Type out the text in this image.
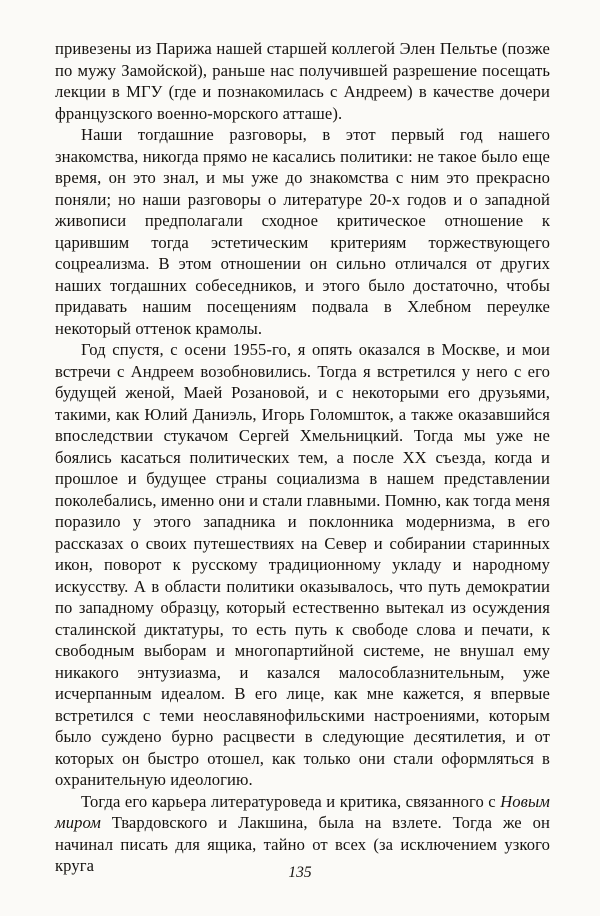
привезены из Парижа нашей старшей коллегой Элен Пельтье (позже по мужу Замойской), раньше нас получившей разрешение посещать лекции в МГУ (где и познакомилась с Андреем) в качестве дочери французского военно-морского атташе).

Наши тогдашние разговоры, в этот первый год нашего знакомства, никогда прямо не касались политики: не такое было еще время, он это знал, и мы уже до знакомства с ним это прекрасно поняли; но наши разговоры о литературе 20-х годов и о западной живописи предполагали сходное критическое отношение к царившим тогда эстетическим критериям торжествующего соцреализма. В этом отношении он сильно отличался от других наших тогдашних собеседников, и этого было достаточно, чтобы придавать нашим посещениям подвала в Хлебном переулке некоторый оттенок крамолы.

Год спустя, с осени 1955-го, я опять оказался в Москве, и мои встречи с Андреем возобновились. Тогда я встретился у него с его будущей женой, Маей Розановой, и с некоторыми его друзьями, такими, как Юлий Даниэль, Игорь Голомшток, а также оказавшийся впоследствии стукачом Сергей Хмельницкий. Тогда мы уже не боялись касаться политических тем, а после XX съезда, когда и прошлое и будущее страны социализма в нашем представлении поколебались, именно они и стали главными. Помню, как тогда меня поразило у этого западника и поклонника модернизма, в его рассказах о своих путешествиях на Север и собирании старинных икон, поворот к русскому традиционному укладу и народному искусству. А в области политики оказывалось, что путь демократии по западному образцу, который естественно вытекал из осуждения сталинской диктатуры, то есть путь к свободе слова и печати, к свободным выборам и многопартийной системе, не внушал ему никакого энтузиазма, и казался малособлазнительным, уже исчерпанным идеалом. В его лице, как мне кажется, я впервые встретился с теми неославянофильскими настроениями, которым было суждено бурно расцвести в следующие десятилетия, и от которых он быстро отошел, как только они стали оформляться в охранительную идеологию.

Тогда его карьера литературоведа и критика, связанного с Новым миром Твардовского и Лакшина, была на взлете. Тогда же он начинал писать для ящика, тайно от всех (за исключением узкого круга	135
